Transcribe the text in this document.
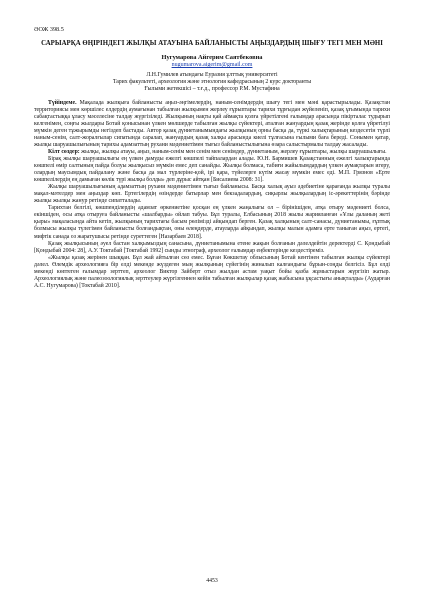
ӘОЖ 398.5
САРЫАРҚА ӨҢІРІНДЕГІ ЖЫЛҚЫ АТАУЫНА БАЙЛАНЫСТЫ АҢЫЗДАРДЫҢ ШЫҒУ ТЕГІ МЕН МӘНІ
Нугумарова Айгерим Саятбековна
nugumarova.aigerim@gmail.com
Л.Н.Гумилев атындағы Еуразия ұлттық университеті
Тарих факультеті, археология және этнология кафедрасының 2 курс докторанты
Ғылыми жетекшісі – т.ғ.д., профессор Р.М. Мустафина

Түйіндеме. Мақалада жылқыға байланысты аңыз-әңгімелердің, наным-сенімдердің шығу тегі мен мәні қарастырылады. Қазақстан территориясы мен көршілес елдердің аумағынан табылған жылқымен жерлеу ғұрыптары тарихи тұрғыдан жүйеленіп, қазақ ұғымында тарихи сабақтастыққа ұласу мәселесіне талдау жүргізіледі. Жылқының нақты қай аймақта қолға үйретілгені ғалымдар арасында пікірталас тудырып келгенімен, соңғы жылдары Ботай қонысынан үлкен мөлшерде табылған жылқы сүйектері, аталған жануардың қазақ жерінде қолға үйретілуі мүмкін деген тұжырымды негіздеп бастады. Автор қазақ дүниетанымындағы жылқының орны басқа да, түркі халықтарының кездесетін түрлі наным-сенім, салт-жоралғылар сипатында саралап, жануардың қазақ халқы арасында киелі тұлғасына ғылыми баға береді. Сонымен қатар, жылқы шаруашылығының тарихы адамзаттың рухани мәдениетімен тығыз байланыстылығына өзара салыстырмалы талдау жасалады.

Кілт сөздер: жылқы, жылқы атауы, аңыз, наным-сенім мен сенім мен сенімдер, дүниетаным, жерлеу ғұрыптары, жылқы шаруашылығы.

Бірақ жылқы шаруашылығы ең үлкен дамуды ежелгі көшпелі тайпалардан алады. Ю.Н. Бармишев Қазақстанның ежелгі халықтарында көшпелі өмір салтының пайда болуы жылқысыз мүмкін емес деп санайды. Жылқы болмаса, табиғи жайылымдардың үлкен аумақтарын игеру, олардың маусымдық пайдалану және басқа да мал түрлеріне-қой, ірі қара, түйелерге күтім жасау мүмкін емес еді. М.П. Грязнов «Ерте көшпелілердің ең дамыған көлік түрі жылқы болды» деп дұрыс айтқан [Бисалиева 2008: 31].

Жылқы шаруашылығының адамзаттың рухани мәдениетімен тығыз байланысы. Басқа халық ауыз әдебиетіне қарағанда жылқы туралы мақал-мәтелдер мен аңыздар көп. Ертегілердің өзіндерде батырлар мен бекзадалардың, сиқырлы жылқылардың іс-әрекеттерінің бәрінде жылқы жылқы жанур ретінде сипатталады.

Тарихтан белгілі, көшпенділердің адамзат өркениетіне қосқан ең үлкен жаңалығы ол – бірінішіден, атқа отыру мәдениеті болса, екіншіден, осы атқа отыруға байланысты «шалбарды» ойлап табуы. Бұл туралы, Елбасының 2018 жылы жарияланған «Ұлы даланың жеті қыры» мақаласында айта кетіп, жылқының тарихтағы басым рөлімізді айқындап берген. Қазақ халқының салт-санасы, дүниетанымы, ғұптық болмысы жылқы түлегімен байланысты болғандықтан, оны өлеңдерде, атауларда айқындап, жылқы малын адамға ерте таныған аңыз, ертегі, мифтік санада оз жаратушысы ретінде суреттеген [Назарбаев 2018].

Қазақ жылқысының әуел бастан халқымыздың санасына, дүниетанымына етене жақын болғанын дәлелдейтін деректерді С. Қондыбай [Қондыбай 2004: 28], А.У. Токтабай [Токтабай 1992] сынды этнограф, археолог ғалымдар еңбектерінде кездестіреміз.

«Жылқы қазақ жерінен шыққан. Бұл жай айтылған сөз емес. Бұған Көкшетау облысының Ботай кентінен табылған жылқы сүйектері дәлел. Өлемдік археологияға бір елді мекенде жүздеген мың жылқының сүйегінің жиналып калғандығы бұрын-соңды белгісіз. Бұл елді мекенді көптеген ғалымдар зерттеп, археолог Виктор Зайберт отыз жылдан астам уақыт бойы қазба жұмыстарын жүргізіп жатыр. Археологиялық және палеозоологиялық зерттеулер жүргізгеннен кейін табылған жылқылар қазақ жабысына ұқсастығы анықталды» (Аударған А.С. Нугумарова) [Токтабай 2010].

4453
